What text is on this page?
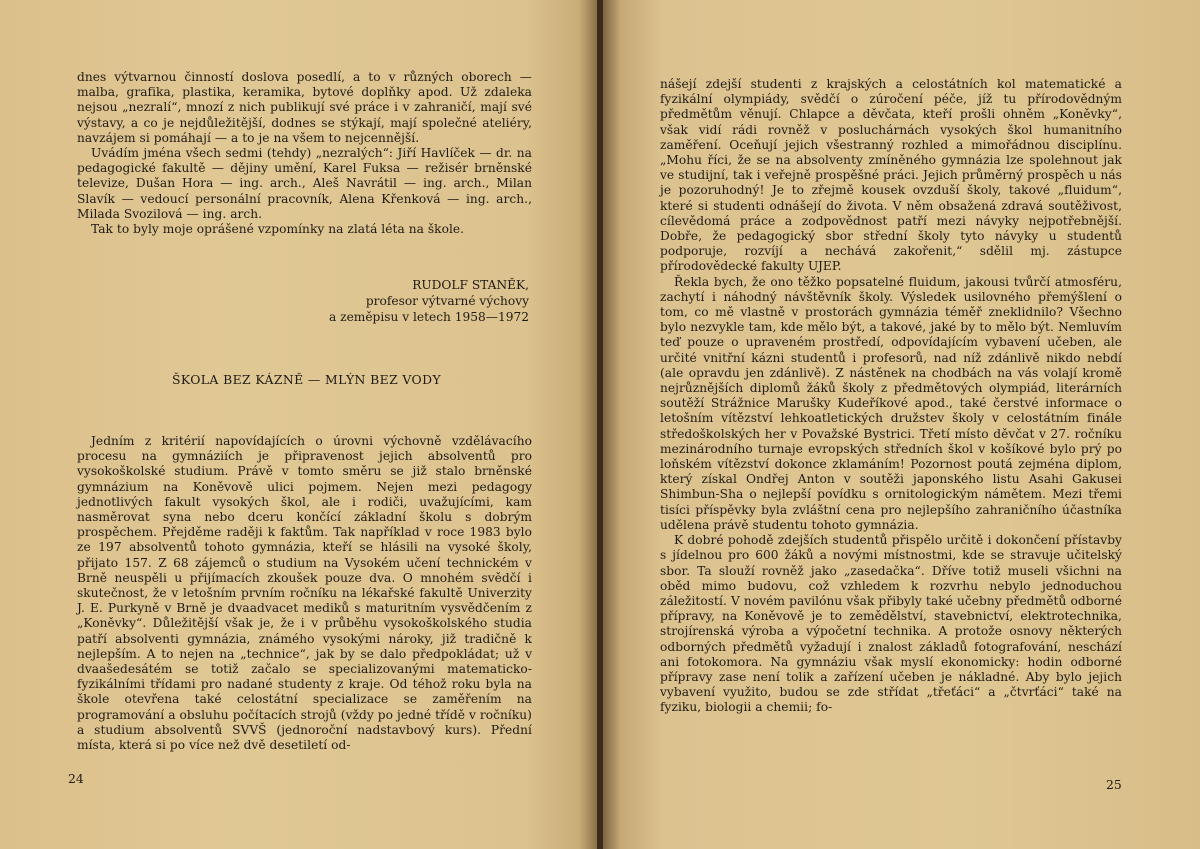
dnes výtvarnou činností doslova posedlí, a to v různých oborech — malba, grafika, plastika, keramika, bytové doplňky apod. Už zdaleka nejsou „nezralí“, mnozí z nich publikují své práce i v zahraničí, mají své výstavy, a co je nejdůležitější, dodnes se stýkají, mají společné ateliéry, navzájem si pomáhají — a to je na všem to nejcennější.

Uvádím jména všech sedmi (tehdy) „nezralých“: Jiří Havlíček — dr. na pedagogické fakultě — dějiny umění, Karel Fuksa — režisér brněnské televize, Dušan Hora — ing. arch., Aleš Navrátil — ing. arch., Milan Slavík — vedoucí personální pracovník, Alena Křenková — ing. arch., Milada Svozilová — ing. arch.

Tak to byly moje oprášené vzpomínky na zlatá léta na škole.

RUDOLF STANĚK,
profesor výtvarné výchovy
a zeměpisu v letech 1958—1972
ŠKOLA BEZ KÁZNĚ — MLÝN BEZ VODY

Jedním z kritérií napovídajících o úrovni výchovně vzdělávacího procesu na gymnáziích je připravenost jejich absolventů pro vysokoškolské studium. Právě v tomto směru se již stalo brněnské gymnázium na Koněvově ulici pojmem. Nejen mezi pedagogy jednotlivých fakult vysokých škol, ale i rodiči, uvažujícími, kam nasměrovat syna nebo dceru končící základní školu s dobrým prospěchem. Přejděme raději k faktům. Tak například v roce 1983 bylo ze 197 absolventů tohoto gymnázia, kteří se hlásili na vysoké školy, přijato 157. Z 68 zájemců o studium na Vysokém učení technickém v Brně neuspěli u přijímacích zkoušek pouze dva. O mnohém svědčí i skutečnost, že v letošním prvním ročníku na lékařské fakultě Univerzity J. E. Purkyně v Brně je dvaadvacet mediků s maturitním vysvědčením z „Koněvky“. Důležitější však je, že i v průběhu vysokoškolského studia patří absolventi gymnázia, známého vysokými nároky, již tradičně k nejlepším. A to nejen na „technice“, jak by se dalo předpokládat; už v dvaašedesátém se totiž začalo se specializovanými matematicko-fyzikálními třídami pro nadané studenty z kraje. Od téhož roku byla na škole otevřena také celostátní specializace se zaměřením na programování a obsluhu počítacích strojů (vždy po jedné třídě v ročníku) a studium absolventů SVVŠ (jednoroční nadstavbový kurs). Přední místa, která si po více než dvě desetiletí od-

24

nášejí zdejší studenti z krajských a celostátních kol matematické a fyzikální olympiády, svědčí o zúročení péče, jíž tu přírodovědným předmětům věnují. Chlapce a děvčata, kteří prošli ohněm „Koněvky“, však vidí rádi rovněž v posluchárnách vysokých škol humanitního zaměření. Oceňují jejich všestranný rozhled a mimořádnou disciplínu. „Mohu říci, že se na absolventy zmíněného gymnázia lze spolehnout jak ve studijní, tak i veřejně prospěšné práci. Jejich průměrný prospěch u nás je pozoruhodný! Je to zřejmě kousek ovzduší školy, takové „fluidum“, které si studenti odnášejí do života. V něm obsažená zdravá soutěživost, cílevědomá práce a zodpovědnost patří mezi návyky nejpotřebnější. Dobře, že pedagogický sbor střední školy tyto návyky u studentů podporuje, rozvíjí a nechává zakořenit,“ sdělil mj. zástupce přírodovědecké fakulty UJEP.

Řekla bych, že ono těžko popsatelné fluidum, jakousi tvůrčí atmosféru, zachytí i náhodný návštěvník školy. Výsledek usilovného přemýšlení o tom, co mě vlastně v prostorách gymnázia téměř zneklidnilo? Všechno bylo nezvykle tam, kde mělo být, a takové, jaké by to mělo být. Nemluvím teď pouze o upraveném prostředí, odpovídajícím vybavení učeben, ale určité vnitřní kázni studentů i profesorů, nad níž zdánlivě nikdo nebdí (ale opravdu jen zdánlivě). Z nástěnek na chodbách na vás volají kromě nejrůznějších diplomů žáků školy z předmětových olympiád, literárních soutěží Strážnice Marušky Kudeříkové apod., také čerstvé informace o letošním vítězství lehkoatletických družstev školy v celostátním finále středoškolských her v Považské Bystrici. Třetí místo děvčat v 27. ročníku mezinárodního turnaje evropských středních škol v košíkové bylo prý po loňském vítězství dokonce zklamáním! Pozornost poutá zejména diplom, který získal Ondřej Anton v soutěži japonského listu Asahi Gakusei Shimbun-Sha o nejlepší povídku s ornitologickým námětem. Mezi třemi tisíci příspěvky byla zvláštní cena pro nejlepšího zahraničního účastníka udělena právě studentu tohoto gymnázia.

K dobré pohodě zdejších studentů přispělo určitě i dokončení přístavby s jídelnou pro 600 žáků a novými místnostmi, kde se stravuje učitelský sbor. Ta slouží rovněž jako „zasedačka“. Dříve totiž museli všichni na oběd mimo budovu, což vzhledem k rozvrhu nebylo jednoduchou záležitostí. V novém pavilónu však přibyly také učebny předmětů odborné přípravy, na Koněvově je to zemědělství, stavebnictví, elektrotechnika, strojírenská výroba a výpočetní technika. A protože osnovy některých odborných předmětů vyžadují i znalost základů fotografování, neschází ani fotokomora. Na gymnáziu však myslí ekonomicky: hodin odborné přípravy zase není tolik a zařízení učeben je nákladné. Aby bylo jejich vybavení využito, budou se zde střídat „třeťáci“ a „čtvrťáci“ také na fyziku, biologii a chemii; fo-

25
